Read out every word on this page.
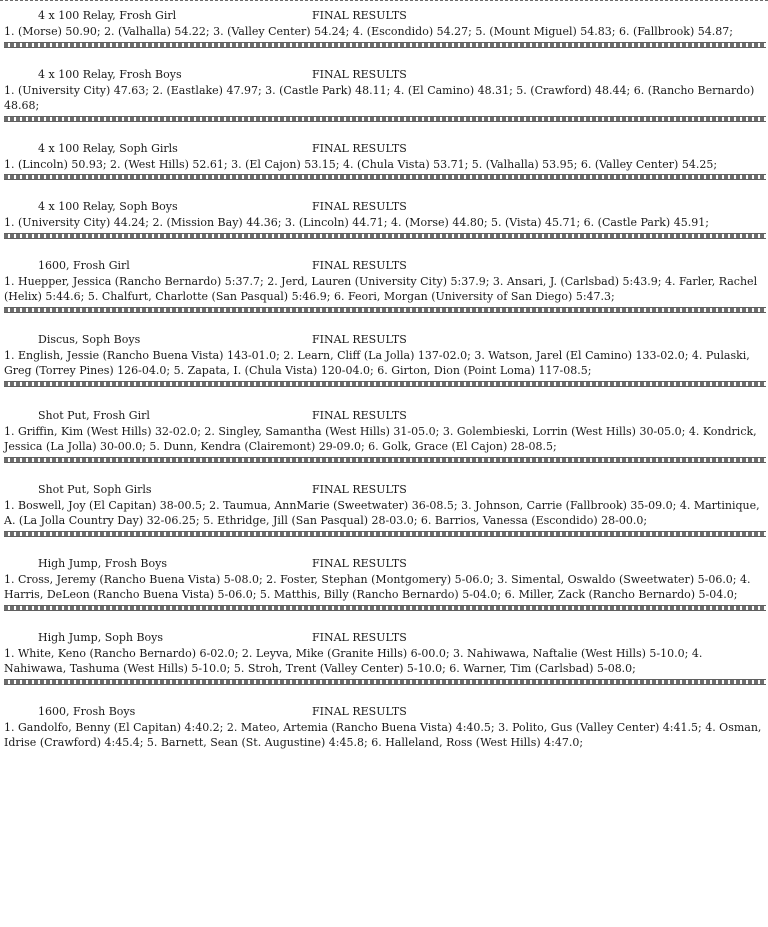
4 x 100 Relay, Frosh Girl

	FINAL RESULTS

1. (Morse) 50.90; 2. (Valhalla) 54.22; 3. (Valley Center) 54.24; 4. (Escondido) 54.27; 5. (Mount Miguel) 54.83; 6. (Fallbrook) 54.87;

4 x 100 Relay, Frosh Boys

	FINAL RESULTS

1. (University City) 47.63; 2. (Eastlake) 47.97; 3. (Castle Park) 48.11; 4. (El Camino) 48.31; 5. (Crawford) 48.44; 6. (Rancho Bernardo) 48.68;

4 x 100 Relay, Soph Girls

	FINAL RESULTS

1. (Lincoln) 50.93; 2. (West Hills) 52.61; 3. (El Cajon) 53.15; 4. (Chula Vista) 53.71; 5. (Valhalla) 53.95; 6. (Valley Center) 54.25;

4 x 100 Relay, Soph Boys

	FINAL RESULTS

1. (University City) 44.24; 2. (Mission Bay) 44.36; 3. (Lincoln) 44.71; 4. (Morse) 44.80; 5. (Vista) 45.71; 6. (Castle Park) 45.91;

1600, Frosh Girl

	FINAL RESULTS

1. Huepper, Jessica (Rancho Bernardo) 5:37.7; 2. Jerd, Lauren (University City) 5:37.9; 3. Ansari, J. (Carlsbad) 5:43.9; 4. Farler, Rachel (Helix) 5:44.6; 5. Chalfurt, Charlotte (San Pasqual) 5:46.9; 6. Feori, Morgan (University of San Diego) 5:47.3;

Discus, Soph Boys

	FINAL RESULTS

1. English, Jessie (Rancho Buena Vista) 143-01.0; 2. Learn, Cliff (La Jolla) 137-02.0; 3. Watson, Jarel (El Camino) 133-02.0; 4. Pulaski, Greg (Torrey Pines) 126-04.0; 5. Zapata, I. (Chula Vista) 120-04.0; 6. Girton, Dion (Point Loma) 117-08.5;

Shot Put, Frosh Girl

	FINAL RESULTS

1. Griffin, Kim (West Hills) 32-02.0; 2. Singley, Samantha (West Hills) 31-05.0; 3. Golembieski, Lorrin (West Hills) 30-05.0; 4. Kondrick, Jessica (La Jolla) 30-00.0; 5. Dunn, Kendra (Clairemont) 29-09.0; 6. Golk, Grace (El Cajon) 28-08.5;

Shot Put, Soph Girls

	FINAL RESULTS

1. Boswell, Joy (El Capitan) 38-00.5; 2. Taumua, AnnMarie (Sweetwater) 36-08.5; 3. Johnson, Carrie (Fallbrook) 35-09.0; 4. Martinique, A. (La Jolla Country Day) 32-06.25; 5. Ethridge, Jill (San Pasqual) 28-03.0; 6. Barrios, Vanessa (Escondido) 28-00.0;

High Jump, Frosh Boys

	FINAL RESULTS

1. Cross, Jeremy (Rancho Buena Vista) 5-08.0; 2. Foster, Stephan (Montgomery) 5-06.0; 3. Simental, Oswaldo (Sweetwater) 5-06.0; 4. Harris, DeLeon (Rancho Buena Vista) 5-06.0; 5. Matthis, Billy (Rancho Bernardo) 5-04.0; 6. Miller, Zack (Rancho Bernardo) 5-04.0;

High Jump, Soph Boys

	FINAL RESULTS

1. White, Keno (Rancho Bernardo) 6-02.0; 2. Leyva, Mike (Granite Hills) 6-00.0; 3. Nahiwawa, Naftalie (West Hills) 5-10.0; 4. Nahiwawa, Tashuma (West Hills) 5-10.0; 5. Stroh, Trent (Valley Center) 5-10.0; 6. Warner, Tim (Carlsbad) 5-08.0;

1600, Frosh Boys

	FINAL RESULTS

1. Gandolfo, Benny (El Capitan) 4:40.2; 2. Mateo, Artemia (Rancho Buena Vista) 4:40.5; 3. Polito, Gus (Valley Center) 4:41.5; 4. Osman, Idrise (Crawford) 4:45.4; 5. Barnett, Sean (St. Augustine) 4:45.8; 6. Halleland, Ross (West Hills) 4:47.0;
